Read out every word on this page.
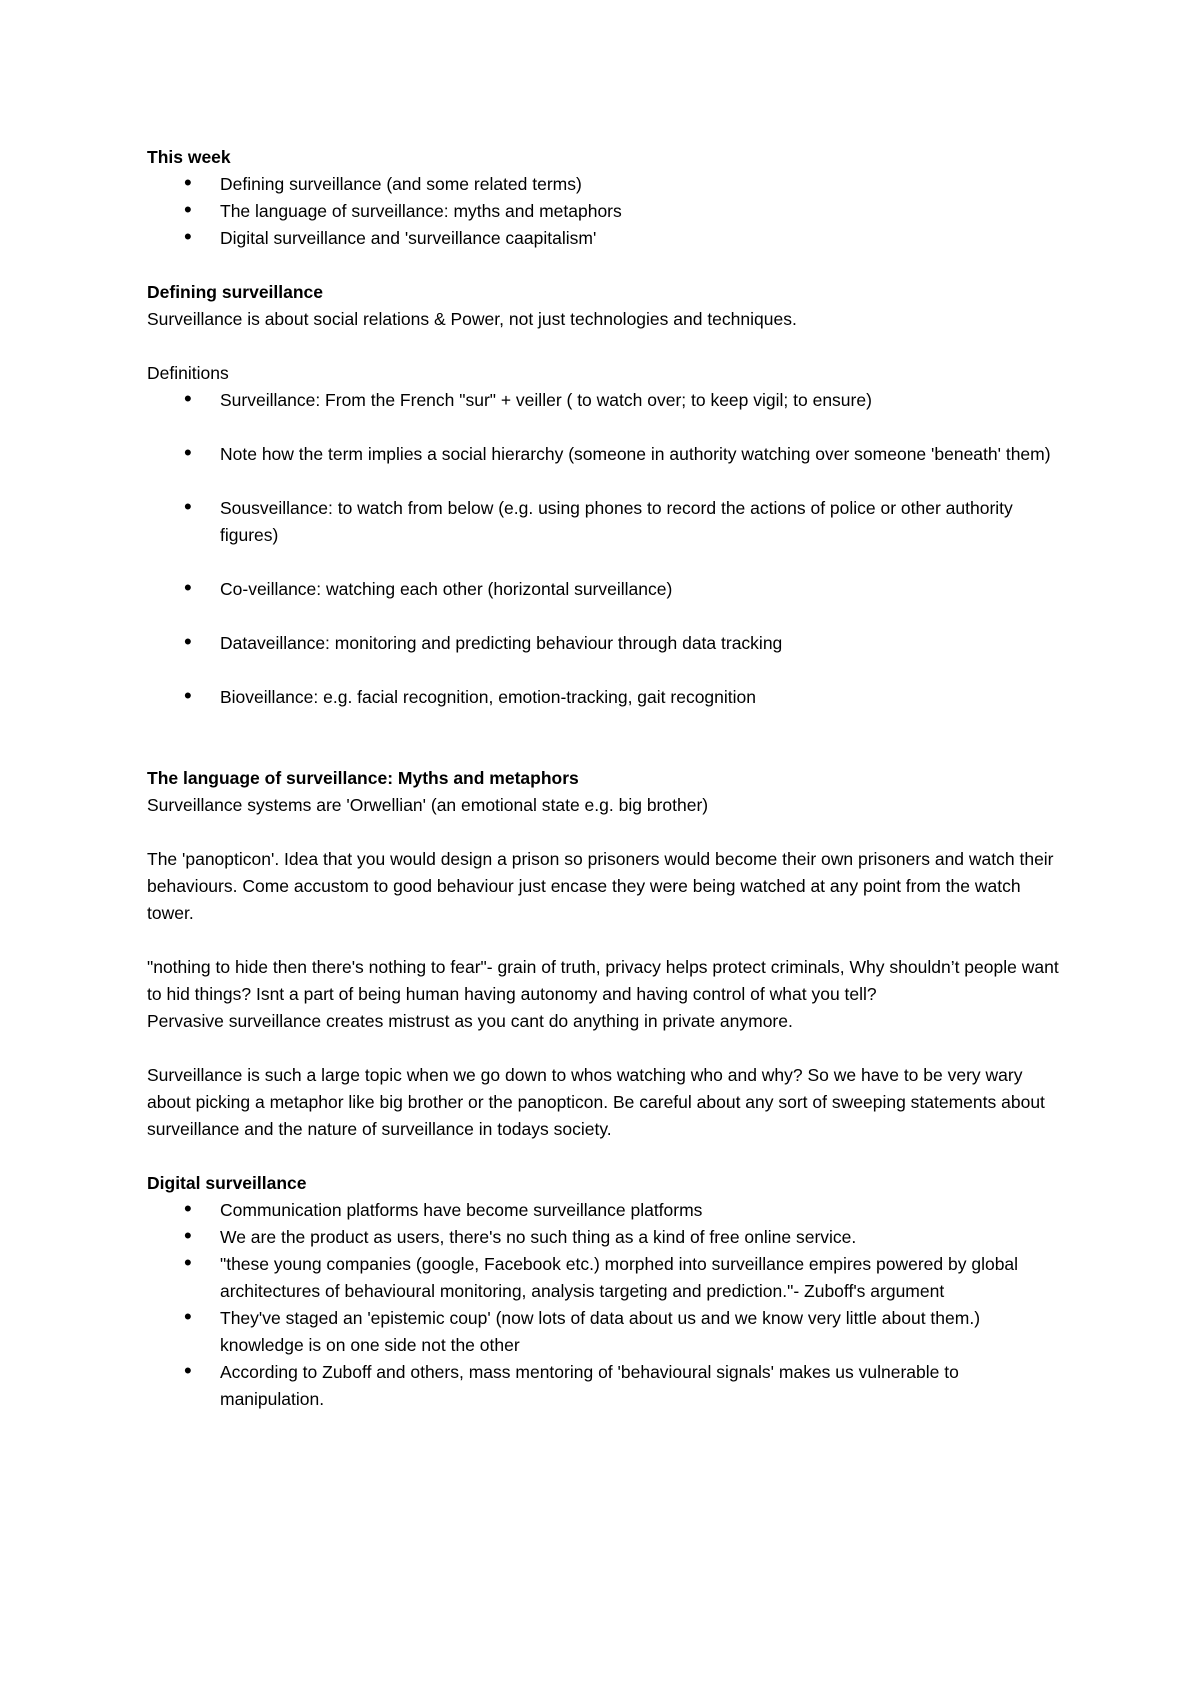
This week

• Defining surveillance (and some related terms)
• The language of surveillance: myths and metaphors
• Digital surveillance and 'surveillance caapitalism'

Defining surveillance

Surveillance is about social relations & Power, not just technologies and techniques.

Definitions

• Surveillance: From the French "sur" + veiller ( to watch over; to keep vigil; to ensure)
• Note how the term implies a social hierarchy (someone in authority watching over someone 'beneath' them)
• Sousveillance: to watch from below (e.g. using phones to record the actions of police or other authority figures)
• Co-veillance: watching each other (horizontal surveillance)
• Dataveillance: monitoring and predicting behaviour through data tracking
• Bioveillance: e.g. facial recognition, emotion-tracking, gait recognition

The language of surveillance: Myths and metaphors

Surveillance systems are 'Orwellian' (an emotional state e.g. big brother)

The 'panopticon'. Idea that you would design a prison so prisoners would become their own prisoners and watch their behaviours. Come accustom to good behaviour just encase they were being watched at any point from the watch tower.

"nothing to hide then there's nothing to fear"- grain of truth, privacy helps protect criminals, Why shouldn’t people want to hid things? Isnt a part of being human having autonomy and having control of what you tell?

Pervasive surveillance creates mistrust as you cant do anything in private anymore.

Surveillance is such a large topic when we go down to whos watching who and why? So we have to be very wary about picking a metaphor like big brother or the panopticon. Be careful about any sort of sweeping statements about surveillance and the nature of surveillance in todays society.

Digital surveillance

• Communication platforms have become surveillance platforms
• We are the product as users, there's no such thing as a kind of free online service.
• "these young companies (google, Facebook etc.) morphed into surveillance empires powered by global architectures of behavioural monitoring, analysis targeting and prediction."- Zuboff's argument
• They've staged an 'epistemic coup' (now lots of data about us and we know very little about them.) knowledge is on one side not the other
• According to Zuboff and others, mass mentoring of 'behavioural signals' makes us vulnerable to manipulation.
